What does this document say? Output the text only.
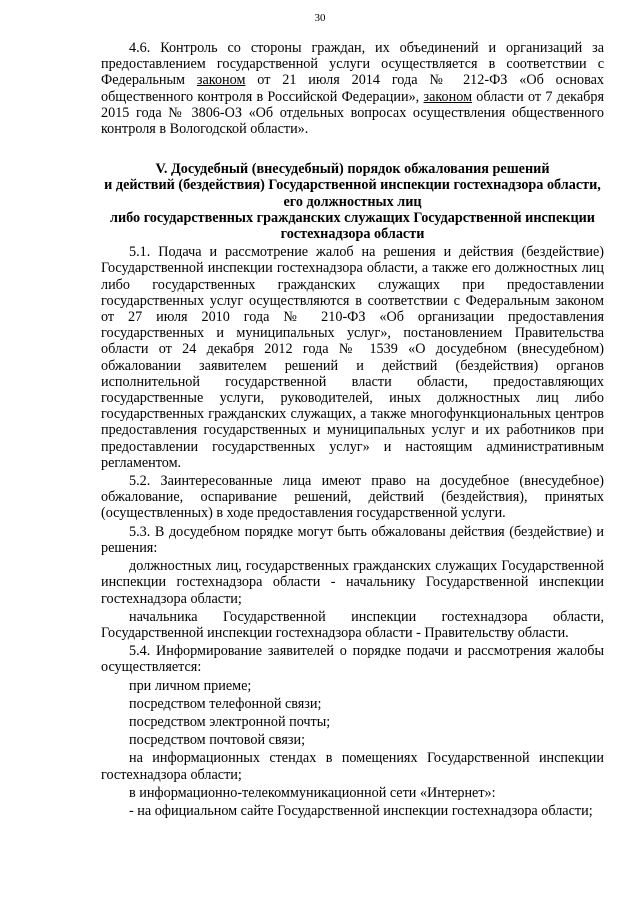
30

4.6. Контроль со стороны граждан, их объединений и организаций за предоставлением государственной услуги осуществляется в соответствии с Федеральным законом от 21 июля 2014 года № 212-ФЗ «Об основах общественного контроля в Российской Федерации», законом области от 7 декабря 2015 года № 3806-ОЗ «Об отдельных вопросах осуществления общественного контроля в Вологодской области».

V. Досудебный (внесудебный) порядок обжалования решений
и действий (бездействия) Государственной инспекции гостехнадзора области,
его должностных лиц
либо государственных гражданских служащих Государственной инспекции
гостехнадзора области

5.1. Подача и рассмотрение жалоб на решения и действия (бездействие) Государственной инспекции гостехнадзора области, а также его должностных лиц либо государственных гражданских служащих при предоставлении государственных услуг осуществляются в соответствии с Федеральным законом от 27 июля 2010 года № 210-ФЗ «Об организации предоставления государственных и муниципальных услуг», постановлением Правительства области от 24 декабря 2012 года № 1539 «О досудебном (внесудебном) обжаловании заявителем решений и действий (бездействия) органов исполнительной государственной власти области, предоставляющих государственные услуги, руководителей, иных должностных лиц либо государственных гражданских служащих, а также многофункциональных центров предоставления государственных и муниципальных услуг и их работников при предоставлении государственных услуг» и настоящим административным регламентом.

5.2. Заинтересованные лица имеют право на досудебное (внесудебное) обжалование, оспаривание решений, действий (бездействия), принятых (осуществленных) в ходе предоставления государственной услуги.

5.3. В досудебном порядке могут быть обжалованы действия (бездействие) и решения:

должностных лиц, государственных гражданских служащих Государственной инспекции гостехнадзора области - начальнику Государственной инспекции гостехнадзора области;

начальника Государственной инспекции гостехнадзора области, Государственной инспекции гостехнадзора области - Правительству области.

5.4. Информирование заявителей о порядке подачи и рассмотрения жалобы осуществляется:

при личном приеме;

посредством телефонной связи;

посредством электронной почты;

посредством почтовой связи;

на информационных стендах в помещениях Государственной инспекции гостехнадзора области;

в информационно-телекоммуникационной сети «Интернет»:

- на официальном сайте Государственной инспекции гостехнадзора области;
